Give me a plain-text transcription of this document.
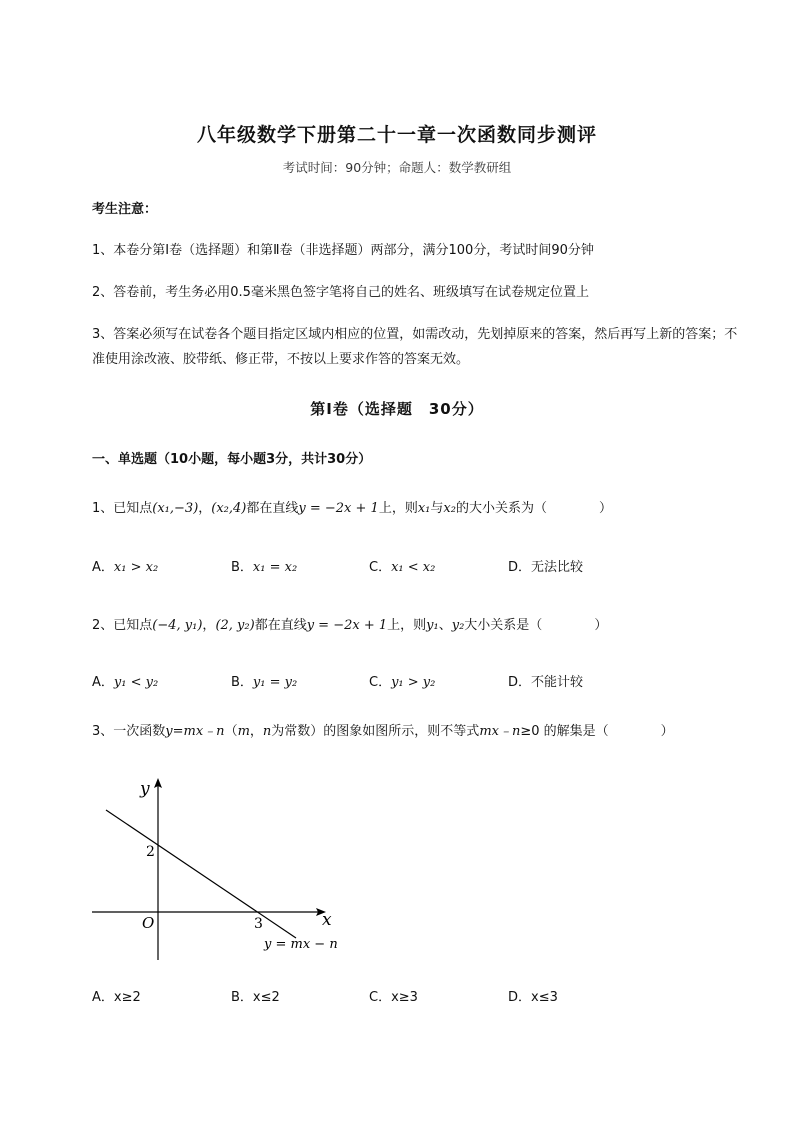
八年级数学下册第二十一章一次函数同步测评
考试时间：90分钟；命题人：数学教研组
考生注意：
1、本卷分第I卷（选择题）和第Ⅱ卷（非选择题）两部分，满分100分，考试时间90分钟
2、答卷前，考生务必用0.5毫米黑色签字笔将自己的姓名、班级填写在试卷规定位置上
3、答案必须写在试卷各个题目指定区域内相应的位置，如需改动，先划掉原来的答案，然后再写上新的答案；不准使用涂改液、胶带纸、修正带，不按以上要求作答的答案无效。
第I卷（选择题　30分）
一、单选题（10小题，每小题3分，共计30分）
1、已知点(x₁,−3)，(x₂,4)都在直线y = −2x + 1上，则x₁与x₂的大小关系为（	）
A．x₁ > x₂	B．x₁ = x₂	C．x₁ < x₂	D．无法比较
2、已知点(−4, y₁)，(2, y₂)都在直线y = −2x + 1上，则y₁、y₂大小关系是（	）
A．y₁ < y₂	B．y₁ = y₂	C．y₁ > y₂	D．不能计较
3、一次函数y=mx﹣n（m，n为常数）的图象如图所示，则不等式mx﹣n≥0 的解集是（	）
y
x
O
2
3
y = mx − n
A．x≥2	B．x≤2	C．x≥3	D．x≤3
